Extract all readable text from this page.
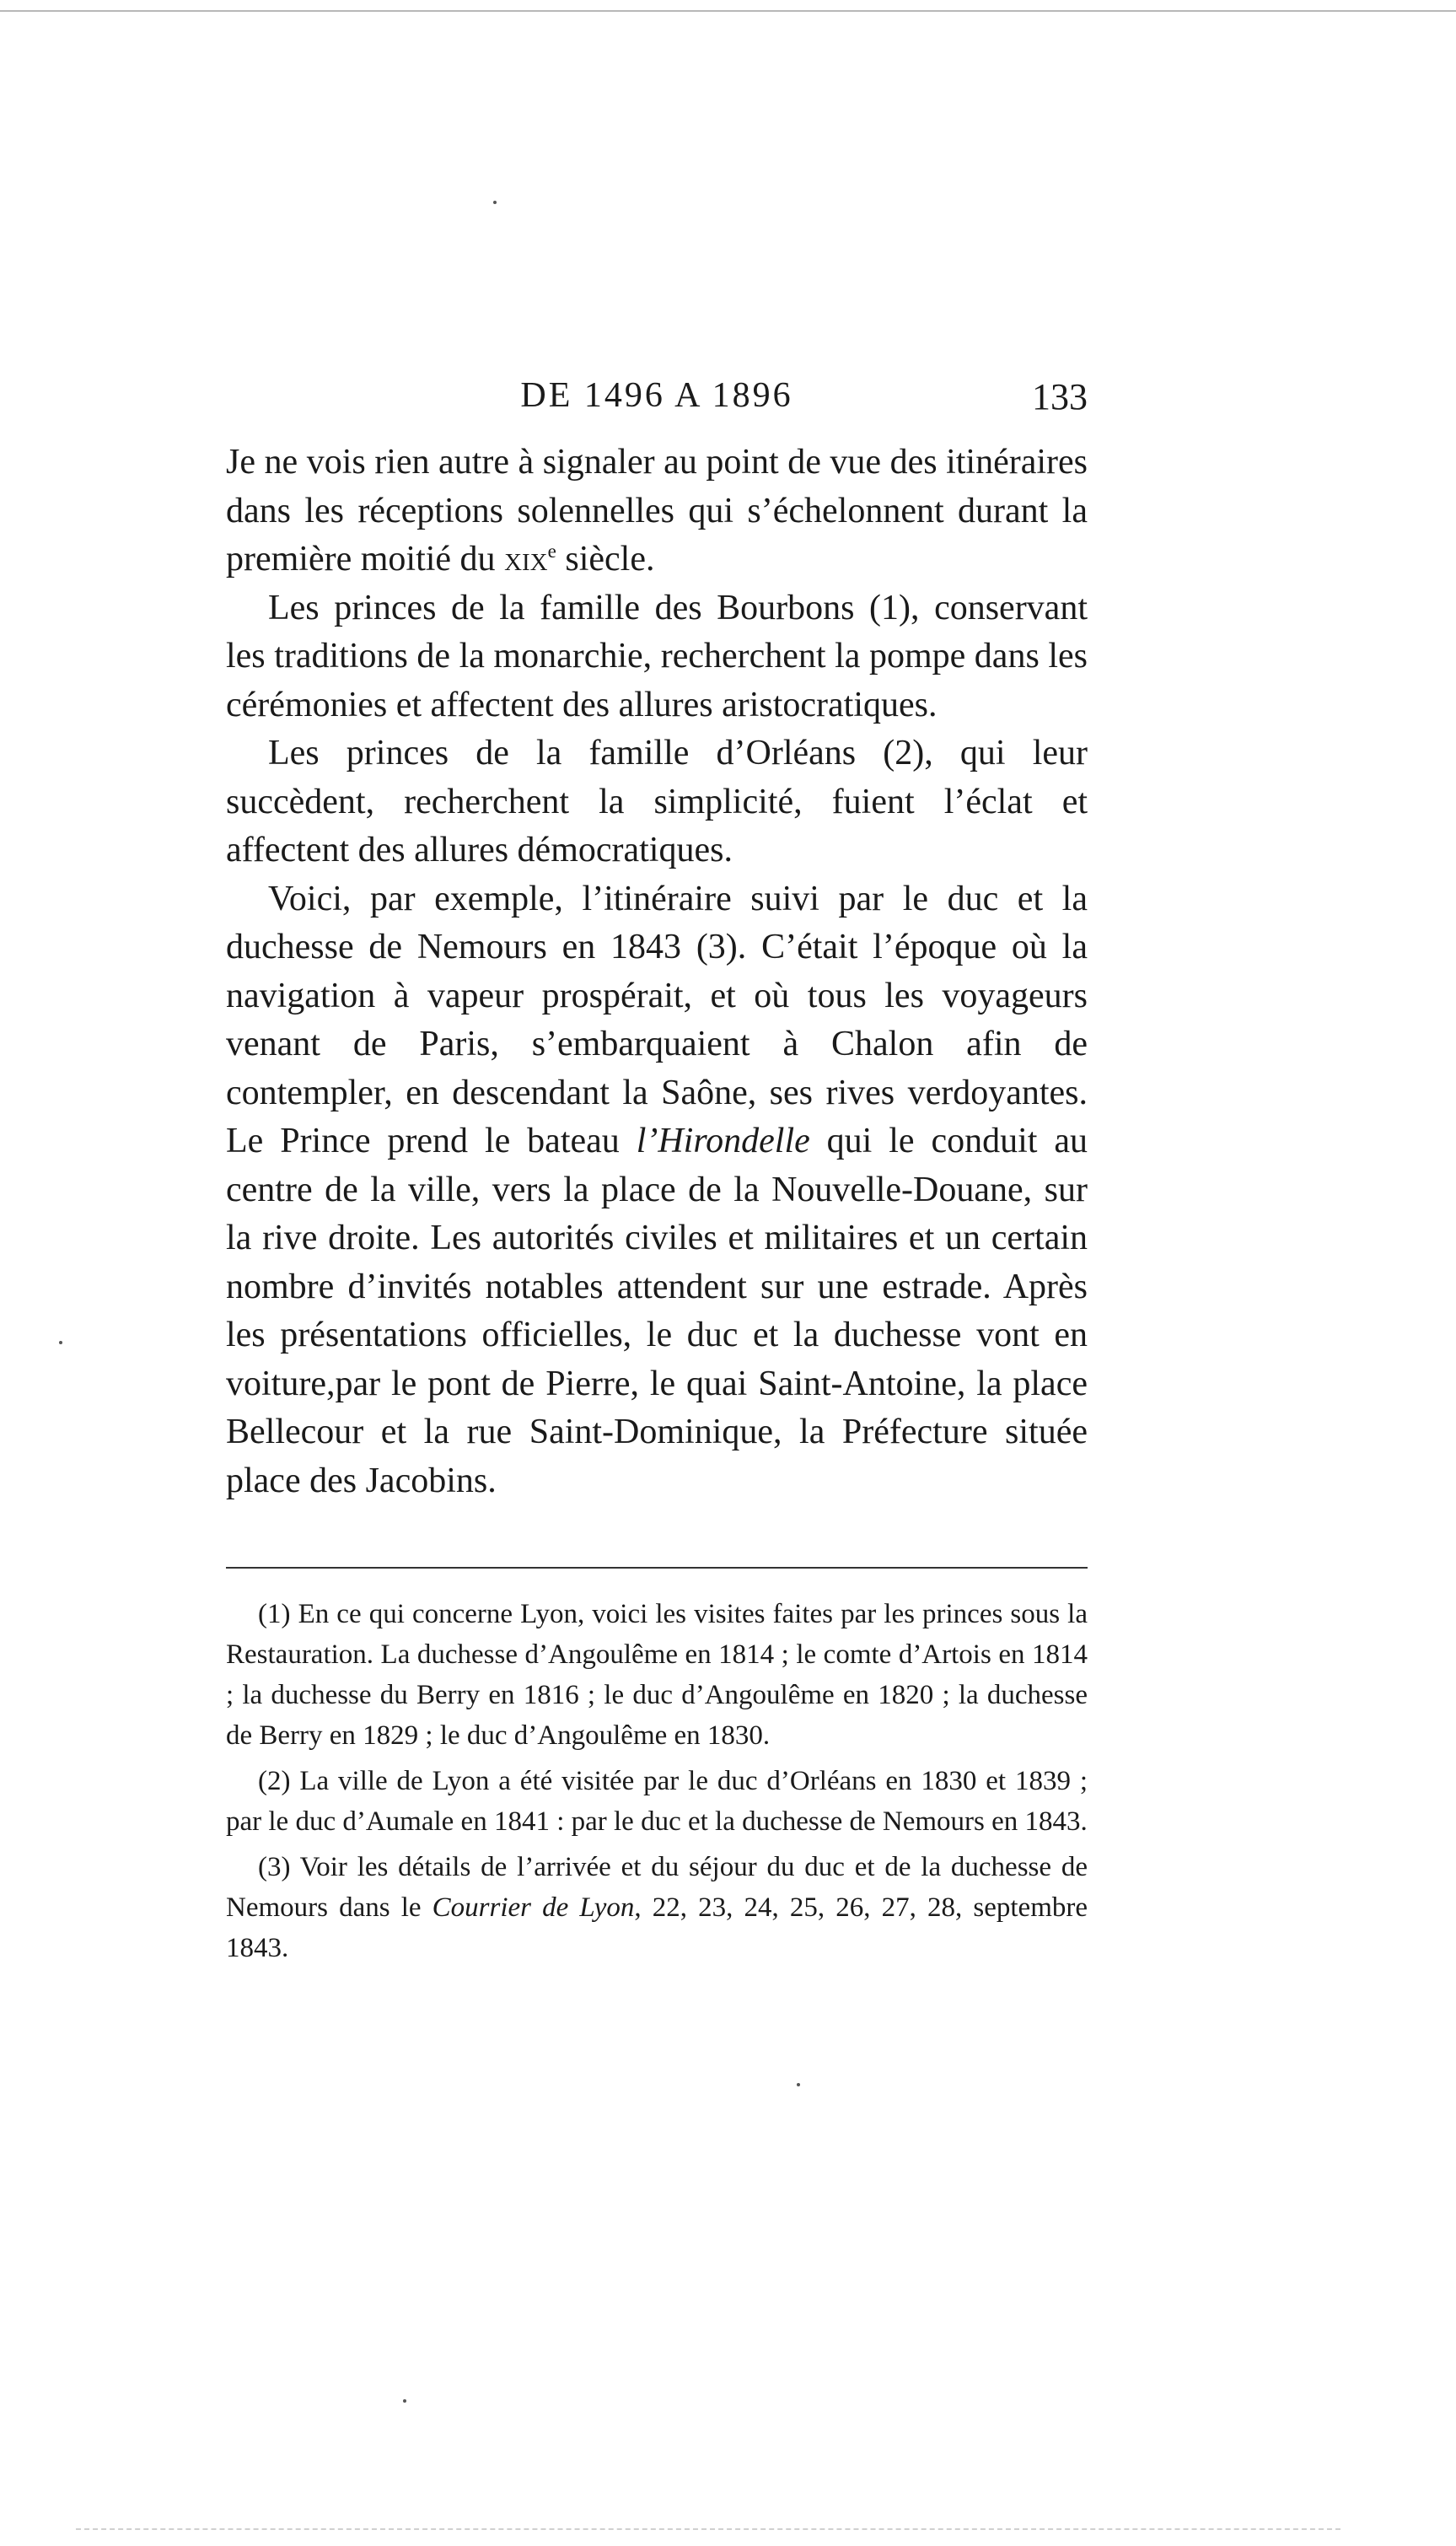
DE 1496 A 1896	133

Je ne vois rien autre à signaler au point de vue des itinéraires dans les réceptions solennelles qui s’échelonnent durant la première moitié du xix$^e$ siècle.

Les princes de la famille des Bourbons (1), conservant les traditions de la monarchie, recherchent la pompe dans les cérémonies et affectent des allures aristocratiques.

Les princes de la famille d’Orléans (2), qui leur succèdent, recherchent la simplicité, fuient l’éclat et affectent des allures démocratiques.

Voici, par exemple, l’itinéraire suivi par le duc et la duchesse de Nemours en 1843 (3). C’était l’époque où la navigation à vapeur prospérait, et où tous les voyageurs venant de Paris, s’embarquaient à Chalon afin de contempler, en descendant la Saône, ses rives verdoyantes. Le Prince prend le bateau l’Hirondelle qui le conduit au centre de la ville, vers la place de la Nouvelle-Douane, sur la rive droite. Les autorités civiles et militaires et un certain nombre d’invités notables attendent sur une estrade. Après les présentations officielles, le duc et la duchesse vont en voiture,par le pont de Pierre, le quai Saint-Antoine, la place Bellecour et la rue Saint-Dominique, la Préfecture située place des Jacobins.

(1) En ce qui concerne Lyon, voici les visites faites par les princes sous la Restauration. La duchesse d’Angoulême en 1814 ; le comte d’Artois en 1814 ; la duchesse du Berry en 1816 ; le duc d’Angoulême en 1820 ; la duchesse de Berry en 1829 ; le duc d’Angoulême en 1830.

(2) La ville de Lyon a été visitée par le duc d’Orléans en 1830 et 1839 ; par le duc d’Aumale en 1841 : par le duc et la duchesse de Nemours en 1843.

(3) Voir les détails de l’arrivée et du séjour du duc et de la duchesse de Nemours dans le Courrier de Lyon, 22, 23, 24, 25, 26, 27, 28, septembre 1843.
